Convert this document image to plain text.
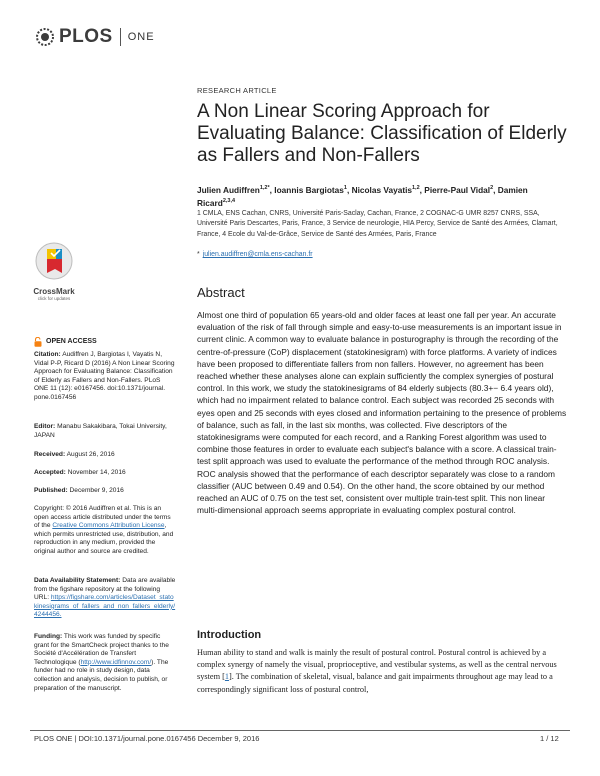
PLOS ONE
CrossMark
click for updates
OPEN ACCESS
Citation: Audiffren J, Bargiotas I, Vayatis N, Vidal P-P, Ricard D (2016) A Non Linear Scoring Approach for Evaluating Balance: Classification of Elderly as Fallers and Non-Fallers. PLoS ONE 11 (12): e0167456. doi:10.1371/journal. pone.0167456
Editor: Manabu Sakakibara, Tokai University, JAPAN
Received: August 26, 2016
Accepted: November 14, 2016
Published: December 9, 2016
Copyright: © 2016 Audiffren et al. This is an open access article distributed under the terms of the Creative Commons Attribution License, which permits unrestricted use, distribution, and reproduction in any medium, provided the original author and source are credited.
Data Availability Statement: Data are available from the figshare repository at the following URL: https://figshare.com/articles/Dataset_statokinesigrams_of_fallers_and_non_fallers_elderly/4244456.
Funding: This work was funded by specific grant for the SmartCheck project thanks to the Société d'Accélération de Transfert Technologique (http://www.idfinnov.com/). The funder had no role in study design, data collection and analysis, decision to publish, or preparation of the manuscript.
RESEARCH ARTICLE
A Non Linear Scoring Approach for Evaluating Balance: Classification of Elderly as Fallers and Non-Fallers
Julien Audiffren$^{1,2*}$, Ioannis Bargiotas$^1$, Nicolas Vayatis$^{1,2}$, Pierre-Paul Vidal$^2$, Damien Ricard$^{2,3,4}$
1 CMLA, ENS Cachan, CNRS, Université Paris-Saclay, Cachan, France, 2 COGNAC-G UMR 8257 CNRS, SSA, Université Paris Descartes, Paris, France, 3 Service de neurologie, HIA Percy, Service de Santé des Armées, Clamart, France, 4 Ecole du Val-de-Grâce, Service de Santé des Armées, Paris, France
* julien.audiffren@cmla.ens-cachan.fr
Abstract
Almost one third of population 65 years-old and older faces at least one fall per year. An accurate evaluation of the risk of fall through simple and easy-to-use measurements is an important issue in current clinic. A common way to evaluate balance in posturography is through the recording of the centre-of-pressure (CoP) displacement (statokinesigram) with force platforms. A variety of indices have been proposed to differentiate fallers from non fallers. However, no agreement has been reached whether these analyses alone can explain sufficiently the complex synergies of postural control. In this work, we study the statokinesigrams of 84 elderly subjects (80.3+− 6.4 years old), which had no impairment related to balance control. Each subject was recorded 25 seconds with eyes open and 25 seconds with eyes closed and information pertaining to the presence of problems of balance, such as fall, in the last six months, was collected. Five descriptors of the statokinesigrams were computed for each record, and a Ranking Forest algorithm was used to combine those features in order to evaluate each subject's balance with a score. A classical train-test split approach was used to evaluate the performance of the method through ROC analysis. ROC analysis showed that the performance of each descriptor separately was close to a random classifier (AUC between 0.49 and 0.54). On the other hand, the score obtained by our method reached an AUC of 0.75 on the test set, consistent over multiple train-test split. This non linear multi-dimensional approach seems appropriate in evaluating complex postural control.
Introduction
Human ability to stand and walk is mainly the result of postural control. Postural control is achieved by a complex synergy of namely the visual, proprioceptive, and vestibular systems, as well as the central nervous system [1]. The combination of skeletal, visual, balance and gait impairments throughout age may lead to a correspondingly significant loss of postural control,
PLOS ONE | DOI:10.1371/journal.pone.0167456 December 9, 2016	1 / 12
